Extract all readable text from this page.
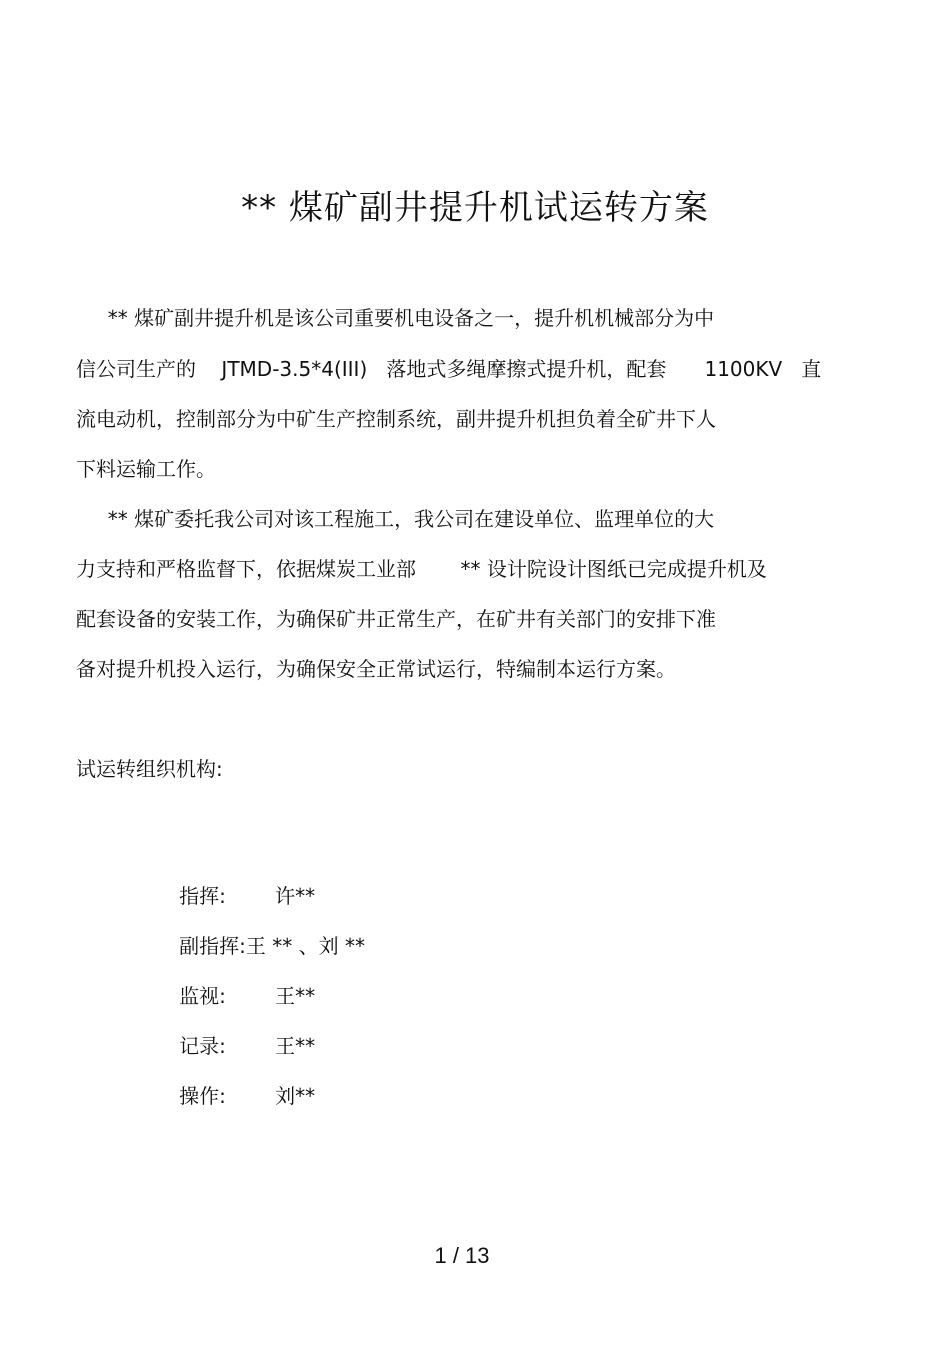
** 煤矿副井提升机试运转方案
** 煤矿副井提升机是该公司重要机电设备之一，提升机机械部分为中
信公司生产的    JTMD-3.5*4(III)   落地式多绳摩擦式提升机，配套      1100KV   直
流电动机，控制部分为中矿生产控制系统，副井提升机担负着全矿井下人
下料运输工作。
** 煤矿委托我公司对该工程施工，我公司在建设单位、监理单位的大
力支持和严格监督下，依据煤炭工业部       ** 设计院设计图纸已完成提升机及
配套设备的安装工作，为确保矿井正常生产，在矿井有关部门的安排下准
备对提升机投入运行，为确保安全正常试运行，特编制本运行方案。
试运转组织机构:

指挥: 许**

副指挥:王 ** 、刘 **

监视: 王**

记录: 王**

操作: 刘**

1 / 13
